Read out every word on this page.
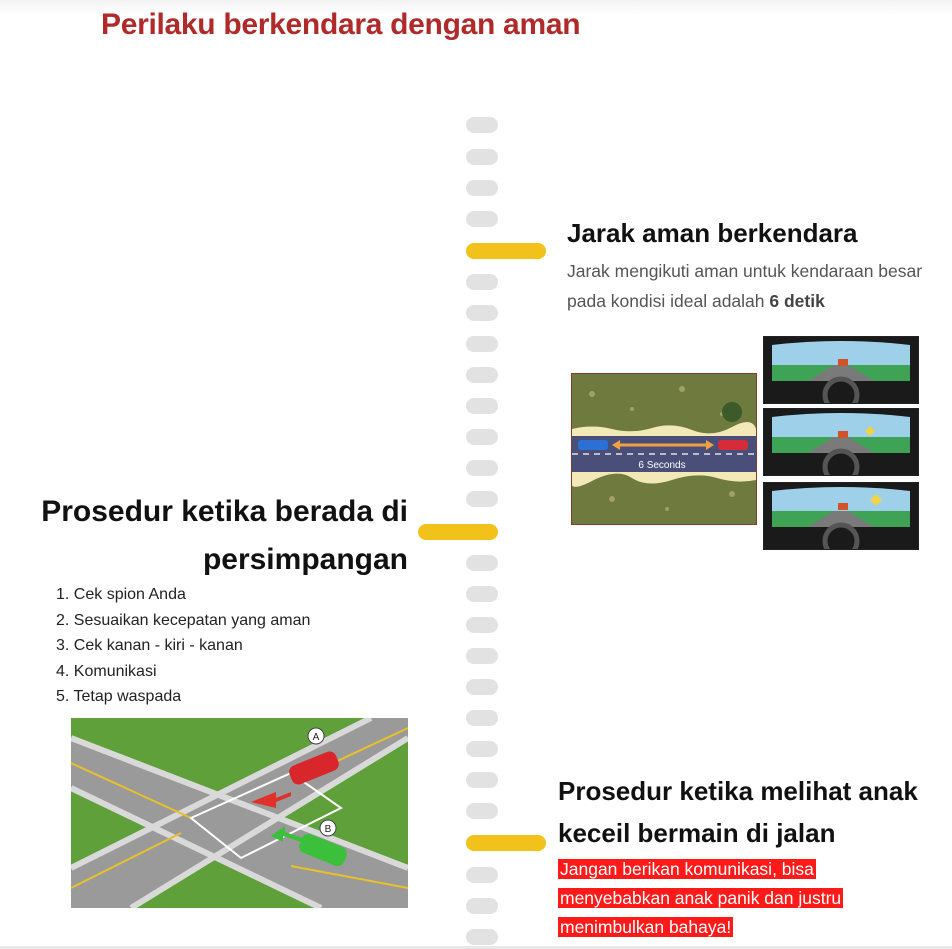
Perilaku berkendara dengan aman
Jarak aman berkendara
Jarak mengikuti aman untuk kendaraan besar pada kondisi ideal adalah 6 detik
6 Seconds
Prosedur ketika berada di persimpangan
1. Cek spion Anda
2. Sesuaikan kecepatan yang aman
3. Cek kanan - kiri - kanan
4. Komunikasi
5. Tetap waspada
A
B
Prosedur ketika melihat anak keceil bermain di jalan
Jangan berikan komunikasi, bisa menyebabkan anak panik dan justru menimbulkan bahaya!
